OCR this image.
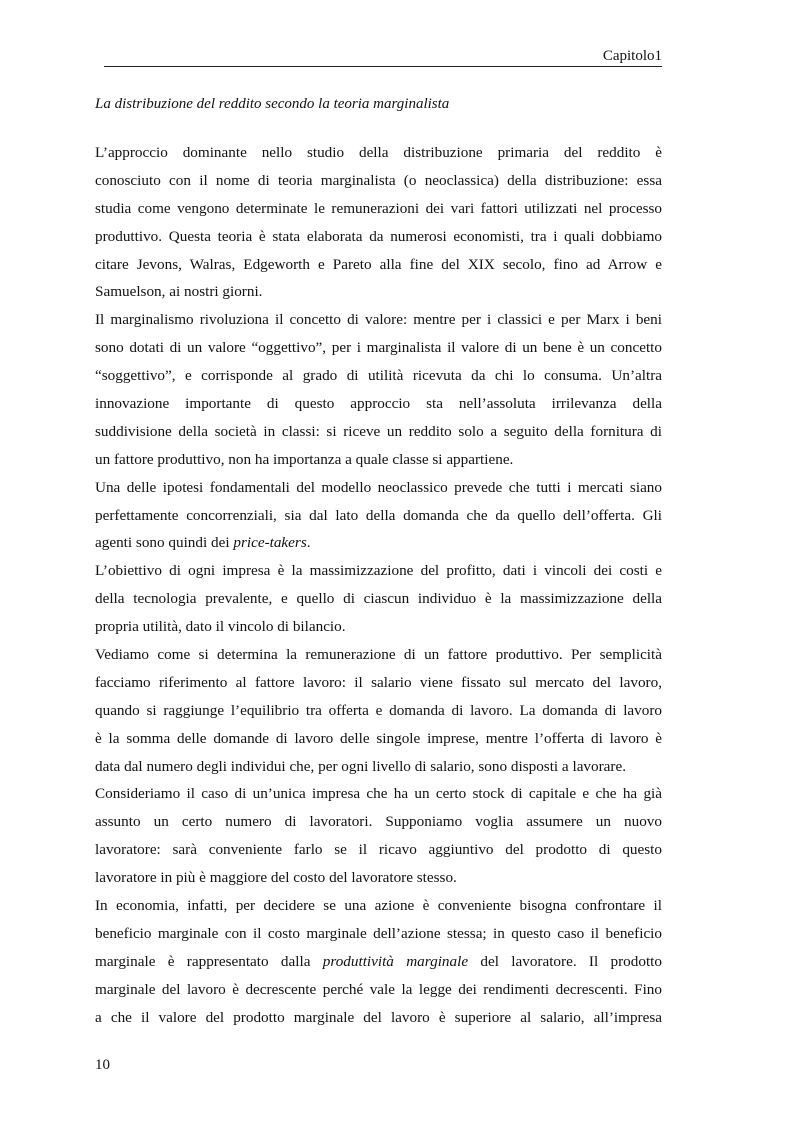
Capitolo1
La distribuzione del reddito secondo la teoria marginalista
L’approccio dominante nello studio della distribuzione primaria del reddito è
conosciuto con il nome di teoria marginalista (o neoclassica) della distribuzione: essa
studia come vengono determinate le remunerazioni dei vari fattori utilizzati nel processo
produttivo. Questa teoria è stata elaborata da numerosi economisti, tra i quali dobbiamo
citare Jevons, Walras, Edgeworth e Pareto alla fine del XIX secolo, fino ad Arrow e
Samuelson, ai nostri giorni.
Il marginalismo rivoluziona il concetto di valore: mentre per i classici e per Marx i beni
sono dotati di un valore “oggettivo”, per i marginalista il valore di un bene è un concetto
“soggettivo”, e corrisponde al grado di utilità ricevuta da chi lo consuma. Un’altra
innovazione importante di questo approccio sta nell’assoluta irrilevanza della
suddivisione della società in classi: si riceve un reddito solo a seguito della fornitura di
un fattore produttivo, non ha importanza a quale classe si appartiene.
Una delle ipotesi fondamentali del modello neoclassico prevede che tutti i mercati siano
perfettamente concorrenziali, sia dal lato della domanda che da quello dell’offerta. Gli
agenti sono quindi dei price-takers.
L’obiettivo di ogni impresa è la massimizzazione del profitto, dati i vincoli dei costi e
della tecnologia prevalente, e quello di ciascun individuo è la massimizzazione della
propria utilità, dato il vincolo di bilancio.
Vediamo come si determina la remunerazione di un fattore produttivo. Per semplicità
facciamo riferimento al fattore lavoro: il salario viene fissato sul mercato del lavoro,
quando si raggiunge l’equilibrio tra offerta e domanda di lavoro. La domanda di lavoro
è la somma delle domande di lavoro delle singole imprese, mentre l’offerta di lavoro è
data dal numero degli individui che, per ogni livello di salario, sono disposti a lavorare.
Consideriamo il caso di un’unica impresa che ha un certo stock di capitale e che ha già
assunto un certo numero di lavoratori. Supponiamo voglia assumere un nuovo
lavoratore: sarà conveniente farlo se il ricavo aggiuntivo del prodotto di questo
lavoratore in più è maggiore del costo del lavoratore stesso.
In economia, infatti, per decidere se una azione è conveniente bisogna confrontare il
beneficio marginale con il costo marginale dell’azione stessa; in questo caso il beneficio
marginale è rappresentato dalla produttività marginale del lavoratore. Il prodotto
marginale del lavoro è decrescente perché vale la legge dei rendimenti decrescenti. Fino
a che il valore del prodotto marginale del lavoro è superiore al salario, all’impresa
10
